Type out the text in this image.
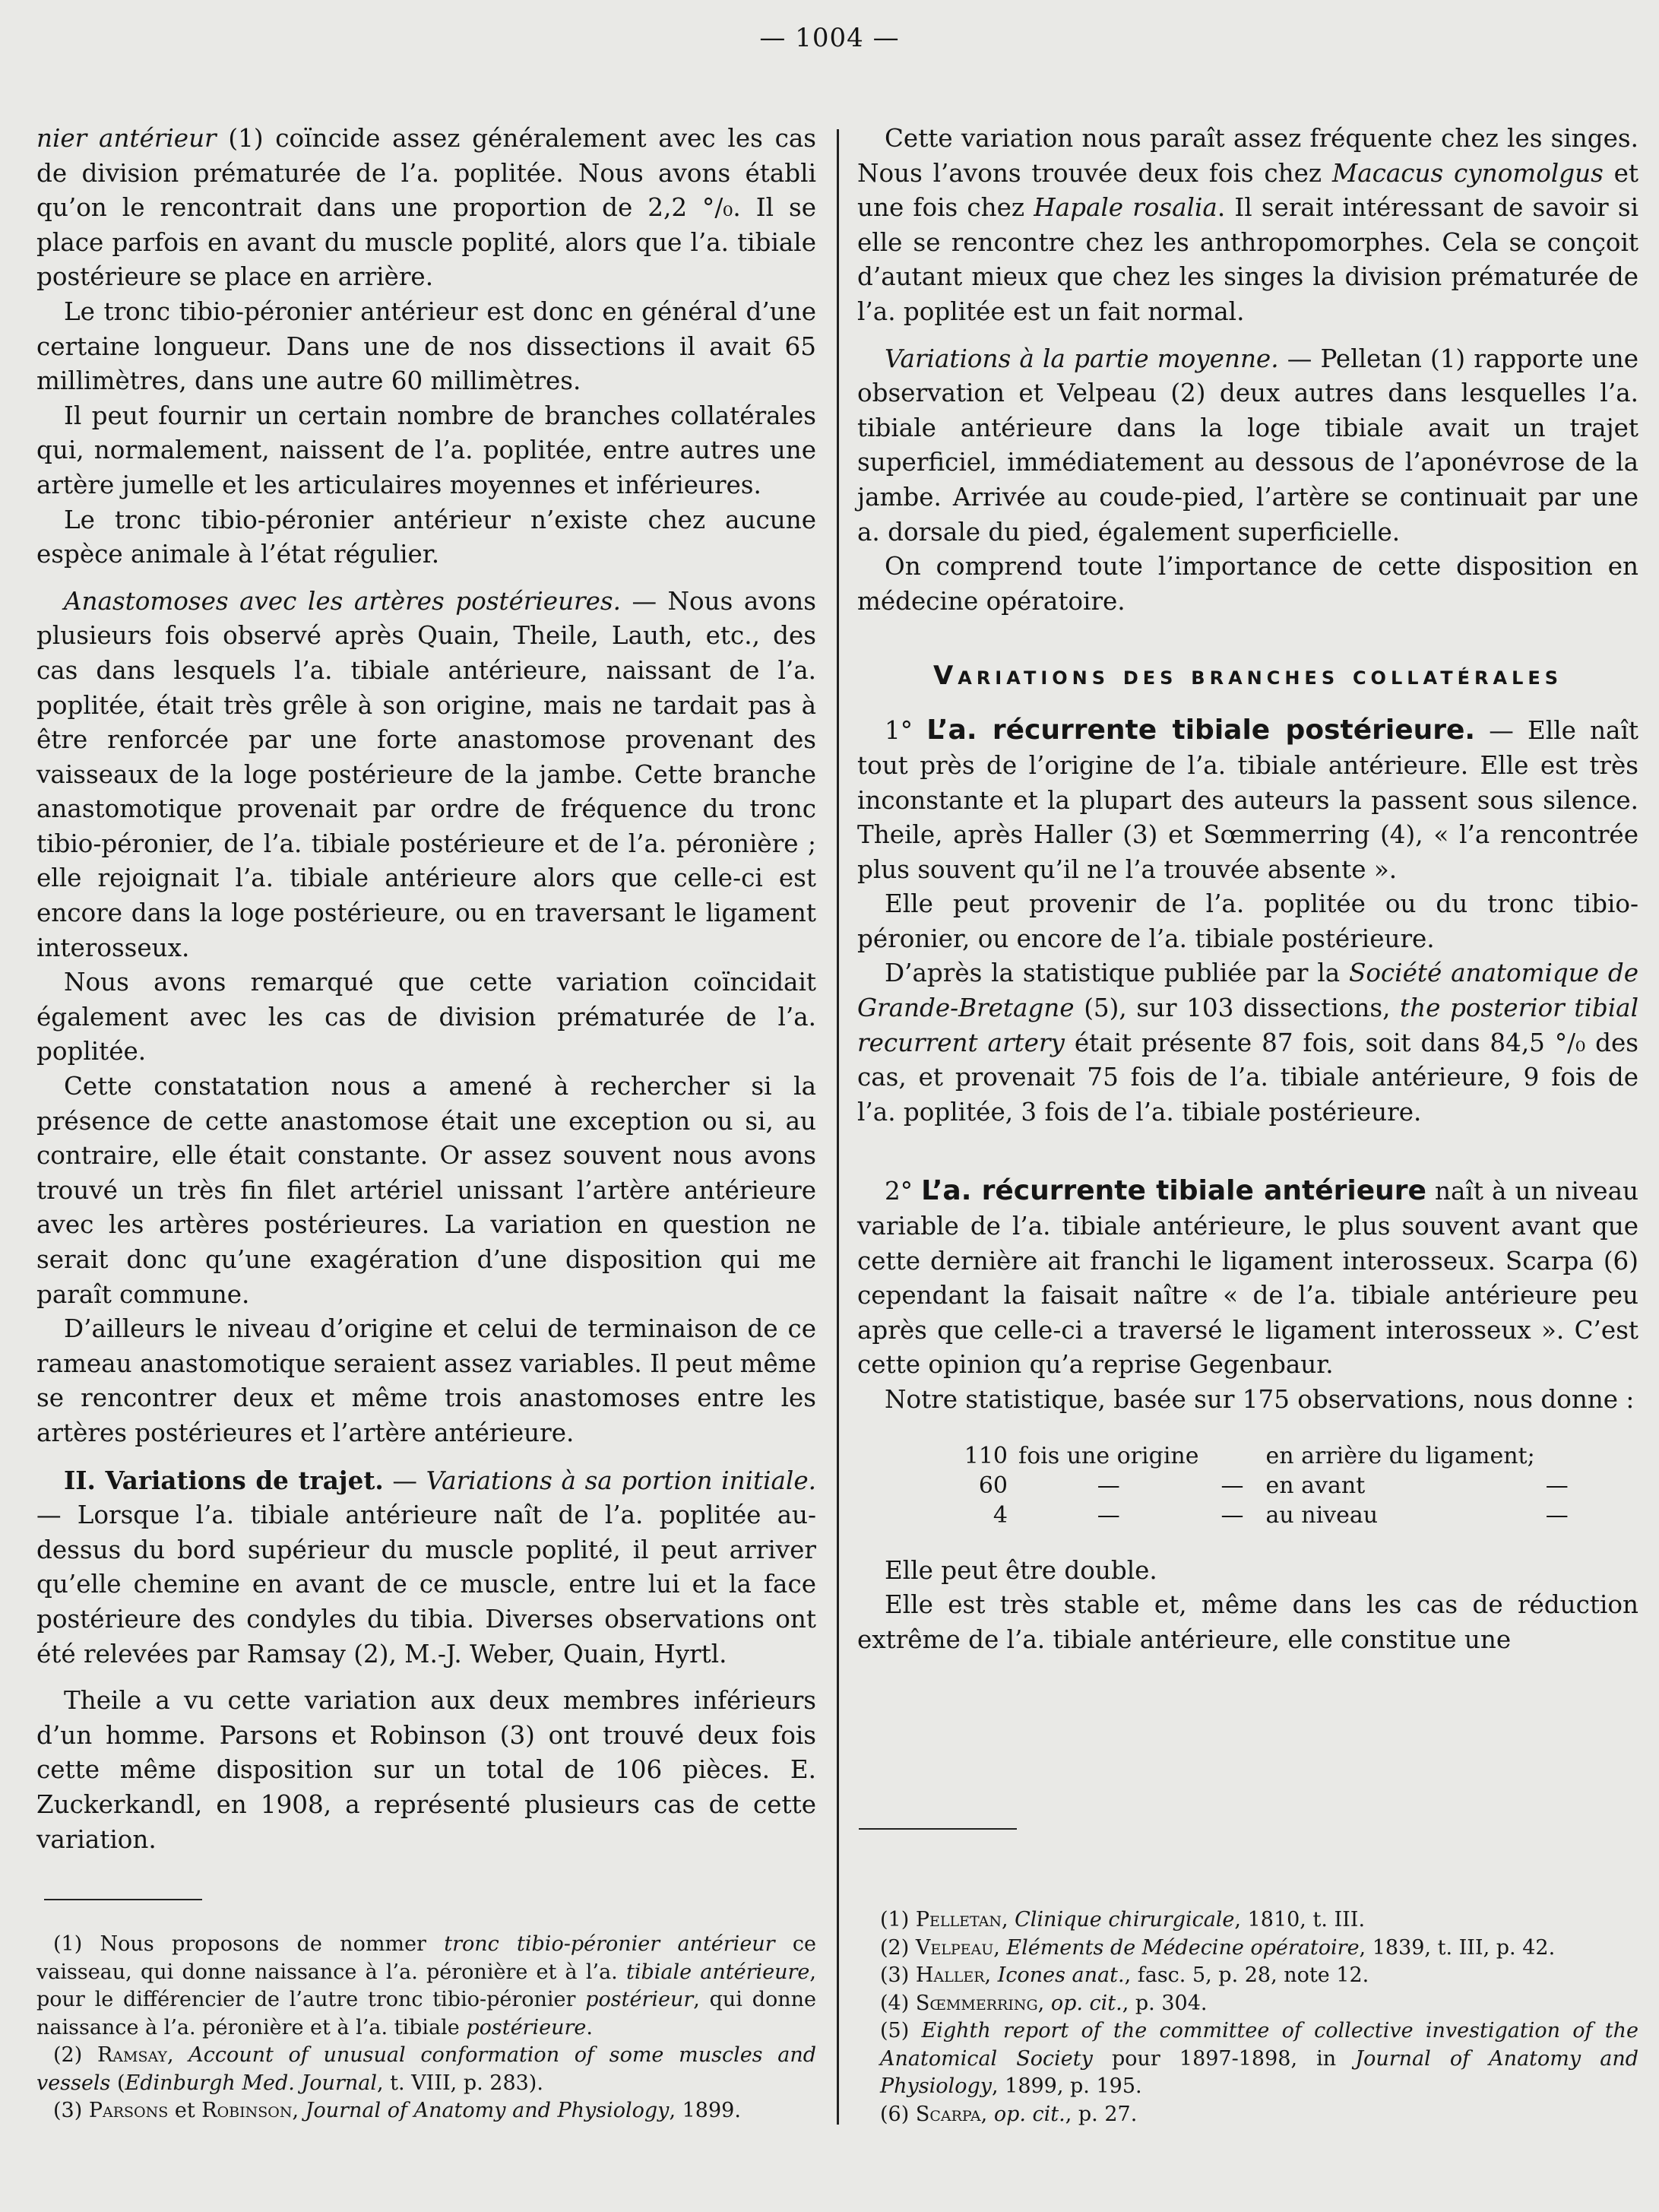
— 1004 —

nier antérieur (1) coïncide assez généralement avec les cas de division prématurée de l’a. poplitée. Nous avons établi qu’on le rencontrait dans une proportion de 2,2 °/₀. Il se place parfois en avant du muscle poplité, alors que l’a. tibiale postérieure se place en arrière.

Le tronc tibio-péronier antérieur est donc en général d’une certaine longueur. Dans une de nos dissections il avait 65 millimètres, dans une autre 60 millimètres.

Il peut fournir un certain nombre de branches collatérales qui, normalement, naissent de l’a. poplitée, entre autres une artère jumelle et les articulaires moyennes et inférieures.

Le tronc tibio-péronier antérieur n’existe chez aucune espèce animale à l’état régulier.

Anastomoses avec les artères postérieures. — Nous avons plusieurs fois observé après Quain, Theile, Lauth, etc., des cas dans lesquels l’a. tibiale antérieure, naissant de l’a. poplitée, était très grêle à son origine, mais ne tardait pas à être renforcée par une forte anastomose provenant des vaisseaux de la loge postérieure de la jambe. Cette branche anastomotique provenait par ordre de fréquence du tronc tibio-péronier, de l’a. tibiale postérieure et de l’a. péronière ; elle rejoignait l’a. tibiale antérieure alors que celle-ci est encore dans la loge postérieure, ou en traversant le ligament interosseux.

Nous avons remarqué que cette variation coïncidait également avec les cas de division prématurée de l’a. poplitée.

Cette constatation nous a amené à rechercher si la présence de cette anastomose était une exception ou si, au contraire, elle était constante. Or assez souvent nous avons trouvé un très fin filet artériel unissant l’artère antérieure avec les artères postérieures. La variation en question ne serait donc qu’une exagération d’une disposition qui me paraît commune.

D’ailleurs le niveau d’origine et celui de terminaison de ce rameau anastomotique seraient assez variables. Il peut même se rencontrer deux et même trois anastomoses entre les artères postérieures et l’artère antérieure.

II. Variations de trajet. — Variations à sa portion initiale. — Lorsque l’a. tibiale antérieure naît de l’a. poplitée au-dessus du bord supérieur du muscle poplité, il peut arriver qu’elle chemine en avant de ce muscle, entre lui et la face postérieure des condyles du tibia. Diverses observations ont été relevées par Ramsay (2), M.-J. Weber, Quain, Hyrtl.

Theile a vu cette variation aux deux membres inférieurs d’un homme. Parsons et Robinson (3) ont trouvé deux fois cette même disposition sur un total de 106 pièces. E. Zuckerkandl, en 1908, a représenté plusieurs cas de cette variation.

Cette variation nous paraît assez fréquente chez les singes. Nous l’avons trouvée deux fois chez Macacus cynomolgus et une fois chez Hapale rosalia. Il serait intéressant de savoir si elle se rencontre chez les anthropomorphes. Cela se conçoit d’autant mieux que chez les singes la division prématurée de l’a. poplitée est un fait normal.

Variations à la partie moyenne. — Pelletan (1) rapporte une observation et Velpeau (2) deux autres dans lesquelles l’a. tibiale antérieure dans la loge tibiale avait un trajet superficiel, immédiatement au dessous de l’aponévrose de la jambe. Arrivée au coude-pied, l’artère se continuait par une a. dorsale du pied, également superficielle.

On comprend toute l’importance de cette disposition en médecine opératoire.

Variations des branches collatérales

1° L’a. récurrente tibiale postérieure. — Elle naît tout près de l’origine de l’a. tibiale antérieure. Elle est très inconstante et la plupart des auteurs la passent sous silence. Theile, après Haller (3) et Sœmmerring (4), « l’a rencontrée plus souvent qu’il ne l’a trouvée absente ».

Elle peut provenir de l’a. poplitée ou du tronc tibio-péronier, ou encore de l’a. tibiale postérieure.

D’après la statistique publiée par la Société anatomique de Grande-Bretagne (5), sur 103 dissections, the posterior tibial recurrent artery était présente 87 fois, soit dans 84,5 °/₀ des cas, et provenait 75 fois de l’a. tibiale antérieure, 9 fois de l’a. poplitée, 3 fois de l’a. tibiale postérieure.

2° L’a. récurrente tibiale antérieure naît à un niveau variable de l’a. tibiale antérieure, le plus souvent avant que cette dernière ait franchi le ligament interosseux. Scarpa (6) cependant la faisait naître « de l’a. tibiale antérieure peu après que celle-ci a traversé le ligament interosseux ». C’est cette opinion qu’a reprise Gegenbaur.

Notre statistique, basée sur 175 observations, nous donne :

110	fois une origine		en arrière du ligament;	
60	—	—	en avant	—
4	—	—	au niveau	—

Elle peut être double.

Elle est très stable et, même dans les cas de réduction extrême de l’a. tibiale antérieure, elle constitue une

(1) Nous proposons de nommer tronc tibio-péronier antérieur ce vaisseau, qui donne naissance à l’a. péronière et à l’a. tibiale antérieure, pour le différencier de l’autre tronc tibio-péronier postérieur, qui donne naissance à l’a. péronière et à l’a. tibiale postérieure.

(2) Ramsay, Account of unusual conformation of some muscles and vessels (Edinburgh Med. Journal, t. VIII, p. 283).

(3) Parsons et Robinson, Journal of Anatomy and Physiology, 1899.

(1) Pelletan, Clinique chirurgicale, 1810, t. III.

(2) Velpeau, Eléments de Médecine opératoire, 1839, t. III, p. 42.

(3) Haller, Icones anat., fasc. 5, p. 28, note 12.

(4) Sœmmerring, op. cit., p. 304.

(5) Eighth report of the committee of collective investigation of the Anatomical Society pour 1897-1898, in Journal of Anatomy and Physiology, 1899, p. 195.

(6) Scarpa, op. cit., p. 27.
